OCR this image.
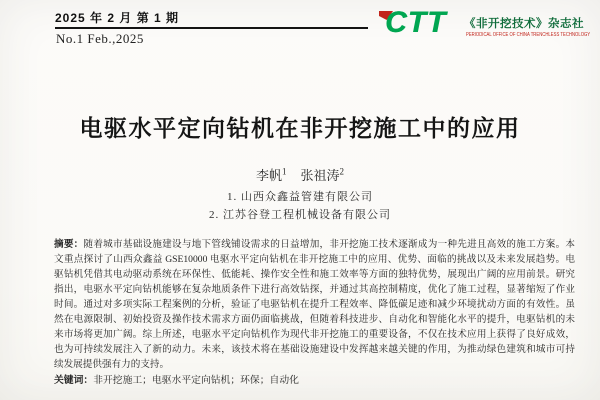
2025 年 2 月 第 1 期
No.1 Feb.,2025	CTT 《非开挖技术》杂志社
PERIODICAL OFFICE OF CHINA TRENCHLESS TECHNOLOGY
电驱水平定向钻机在非开挖施工中的应用
李帆$^1$ 张祖涛$^2$
1. 山西众鑫益管建有限公司
2. 江苏谷登工程机械设备有限公司
摘要：随着城市基础设施建设与地下管线铺设需求的日益增加，非开挖施工技术逐渐成为一种先进且高效的施工方案。本
文重点探讨了山西众鑫益 GSE10000 电驱水平定向钻机在非开挖施工中的应用、优势、面临的挑战以及未来发展趋势。电
驱钻机凭借其电动驱动系统在环保性、低能耗、操作安全性和施工效率等方面的独特优势，展现出广阔的应用前景。研究
指出，电驱水平定向钻机能够在复杂地质条件下进行高效钻探，并通过其高控制精度，优化了施工过程，显著缩短了作业
时间。通过对多项实际工程案例的分析，验证了电驱钻机在提升工程效率、降低碳足迹和减少环境扰动方面的有效性。虽
然在电源限制、初始投资及操作技术需求方面仍面临挑战，但随着科技进步、自动化和智能化水平的提升，电驱钻机的未
来市场将更加广阔。综上所述，电驱水平定向钻机作为现代非开挖施工的重要设备，不仅在技术应用上获得了良好成效，
也为可持续发展注入了新的动力。未来，该技术将在基础设施建设中发挥越来越关键的作用，为推动绿色建筑和城市可持
续发展提供强有力的支持。
关键词：非开挖施工；电驱水平定向钻机；环保；自动化
